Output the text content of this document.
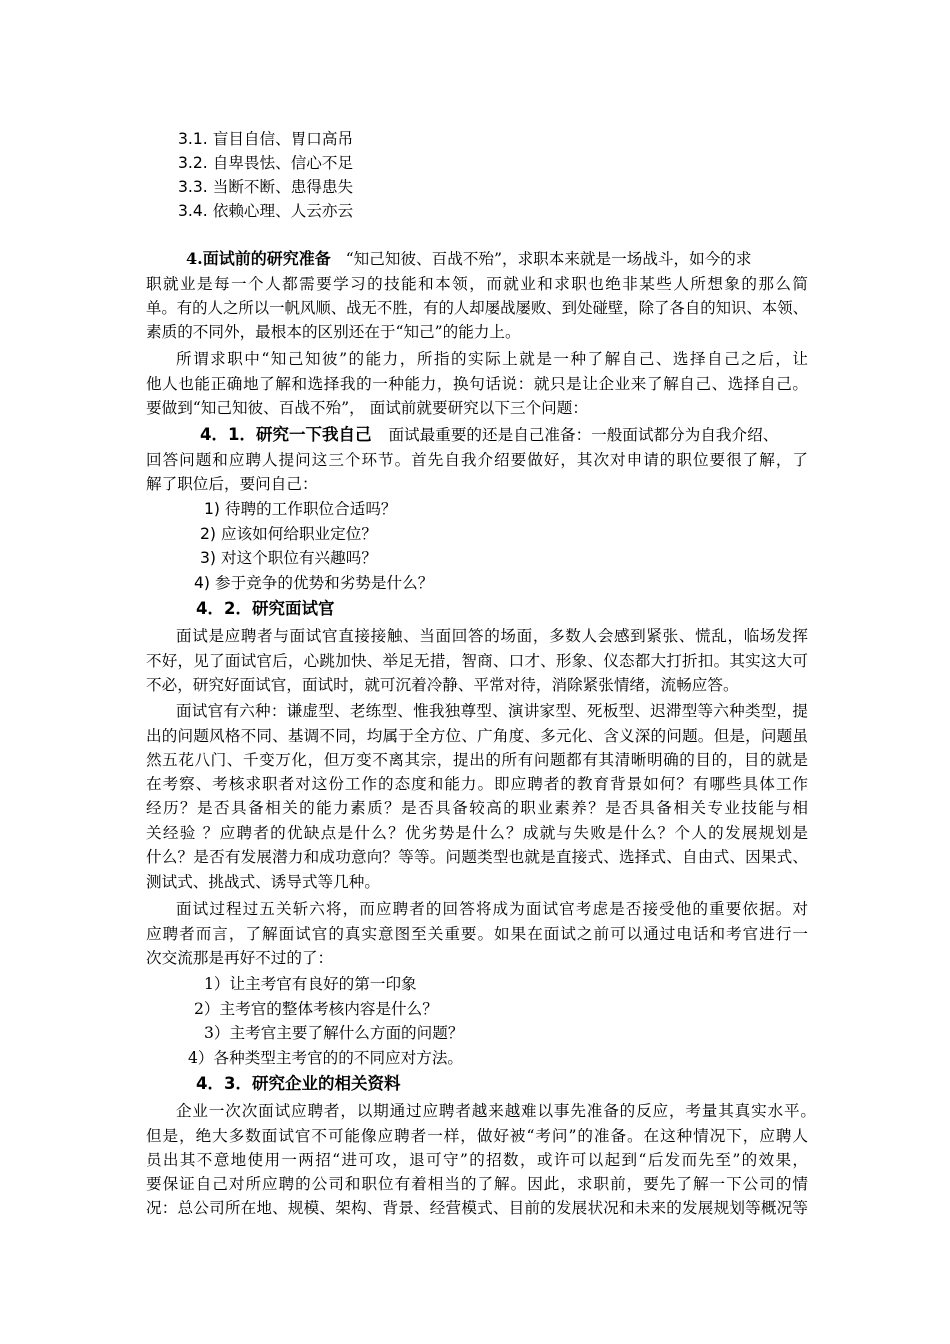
3.1. 盲目自信、胃口高吊
3.2. 自卑畏怯、信心不足
3.3. 当断不断、患得患失
3.4. 依赖心理、人云亦云
4.面试前的研究准备 “知己知彼、百战不殆”，求职本来就是一场战斗，如今的求
职就业是每一个人都需要学习的技能和本领，而就业和求职也绝非某些人所想象的那么简
单。有的人之所以一帆风顺、战无不胜，有的人却屡战屡败、到处碰壁，除了各自的知识、本领、
素质的不同外，最根本的区别还在于“知己”的能力上。
所谓求职中“知己知彼”的能力，所指的实际上就是一种了解自己、选择自己之后，让
他人也能正确地了解和选择我的一种能力，换句话说：就只是让企业来了解自己、选择自己。
要做到“知己知彼、百战不殆”， 面试前就要研究以下三个问题：
4．1．研究一下我自己 面试最重要的还是自己准备：一般面试都分为自我介绍、
回答问题和应聘人提问这三个环节。首先自我介绍要做好，其次对申请的职位要很了解，了
解了职位后，要问自己：
1) 待聘的工作职位合适吗？
2) 应该如何给职业定位？
3) 对这个职位有兴趣吗？
4) 参于竞争的优势和劣势是什么？
4．2．研究面试官
面试是应聘者与面试官直接接触、当面回答的场面，多数人会感到紧张、慌乱，临场发挥
不好，见了面试官后，心跳加快、举足无措，智商、口才、形象、仪态都大打折扣。其实这大可
不必，研究好面试官，面试时，就可沉着冷静、平常对待，消除紧张情绪，流畅应答。
面试官有六种：谦虚型、老练型、惟我独尊型、演讲家型、死板型、迟滞型等六种类型，提
出的问题风格不同、基调不同，均属于全方位、广角度、多元化、含义深的问题。但是，问题虽
然五花八门、千变万化，但万变不离其宗，提出的所有问题都有其清晰明确的目的，目的就是
在考察、考核求职者对这份工作的态度和能力。即应聘者的教育背景如何？有哪些具体工作
经历？是否具备相关的能力素质？是否具备较高的职业素养？是否具备相关专业技能与相
关经验 ？应聘者的优缺点是什么？优劣势是什么？成就与失败是什么？个人的发展规划是
什么？是否有发展潜力和成功意向？等等。问题类型也就是直接式、选择式、自由式、因果式、
测试式、挑战式、诱导式等几种。
面试过程过五关斩六将，而应聘者的回答将成为面试官考虑是否接受他的重要依据。对
应聘者而言，了解面试官的真实意图至关重要。如果在面试之前可以通过电话和考官进行一
次交流那是再好不过的了：
1）让主考官有良好的第一印象
2）主考官的整体考核内容是什么？
3）主考官主要了解什么方面的问题？
4）各种类型主考官的的不同应对方法。
4．3．研究企业的相关资料
企业一次次面试应聘者，以期通过应聘者越来越难以事先准备的反应，考量其真实水平。
但是，绝大多数面试官不可能像应聘者一样，做好被“考问”的准备。在这种情况下，应聘人
员出其不意地使用一两招“进可攻，退可守”的招数，或许可以起到“后发而先至”的效果，
要保证自己对所应聘的公司和职位有着相当的了解。因此，求职前，要先了解一下公司的情
况：总公司所在地、规模、架构、背景、经营模式、目前的发展状况和未来的发展规划等概况等
